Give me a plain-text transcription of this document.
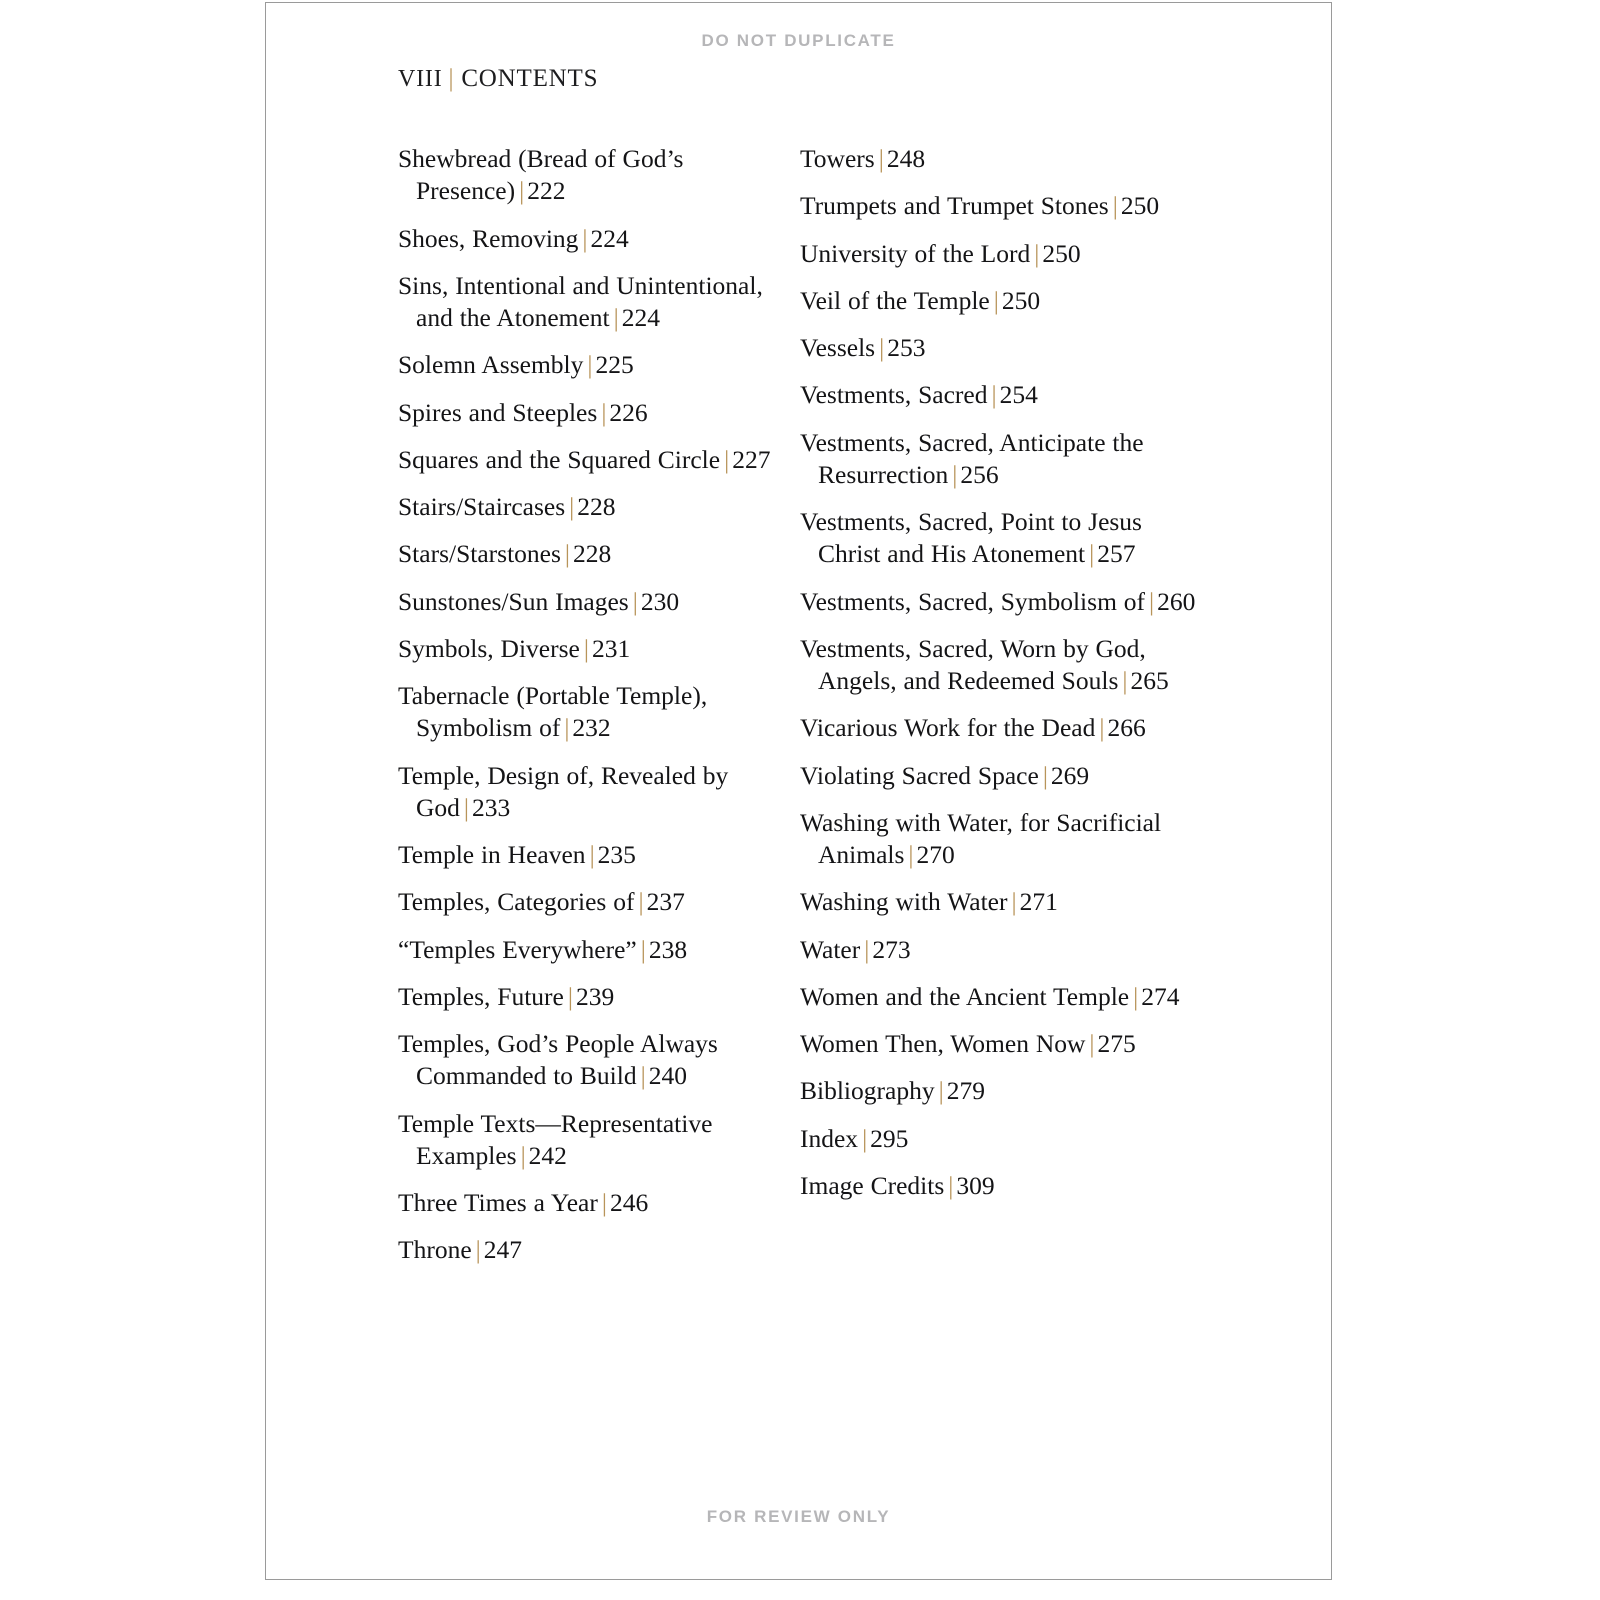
DO NOT DUPLICATE
VIII | CONTENTS
Shewbread (Bread of God’s Presence) | 222
Shoes, Removing | 224
Sins, Intentional and Unintentional, and the Atonement | 224
Solemn Assembly | 225
Spires and Steeples | 226
Squares and the Squared Circle | 227
Stairs/Staircases | 228
Stars/Starstones | 228
Sunstones/Sun Images | 230
Symbols, Diverse | 231
Tabernacle (Portable Temple), Symbolism of | 232
Temple, Design of, Revealed by God | 233
Temple in Heaven | 235
Temples, Categories of | 237
“Temples Everywhere” | 238
Temples, Future | 239
Temples, God’s People Always Commanded to Build | 240
Temple Texts—Representative Examples | 242
Three Times a Year | 246
Throne | 247
Towers | 248
Trumpets and Trumpet Stones | 250
University of the Lord | 250
Veil of the Temple | 250
Vessels | 253
Vestments, Sacred | 254
Vestments, Sacred, Anticipate the Resurrection | 256
Vestments, Sacred, Point to Jesus Christ and His Atonement | 257
Vestments, Sacred, Symbolism of | 260
Vestments, Sacred, Worn by God, Angels, and Redeemed Souls | 265
Vicarious Work for the Dead | 266
Violating Sacred Space | 269
Washing with Water, for Sacrificial Animals | 270
Washing with Water | 271
Water | 273
Women and the Ancient Temple | 274
Women Then, Women Now | 275
Bibliography | 279
Index | 295
Image Credits | 309
FOR REVIEW ONLY
